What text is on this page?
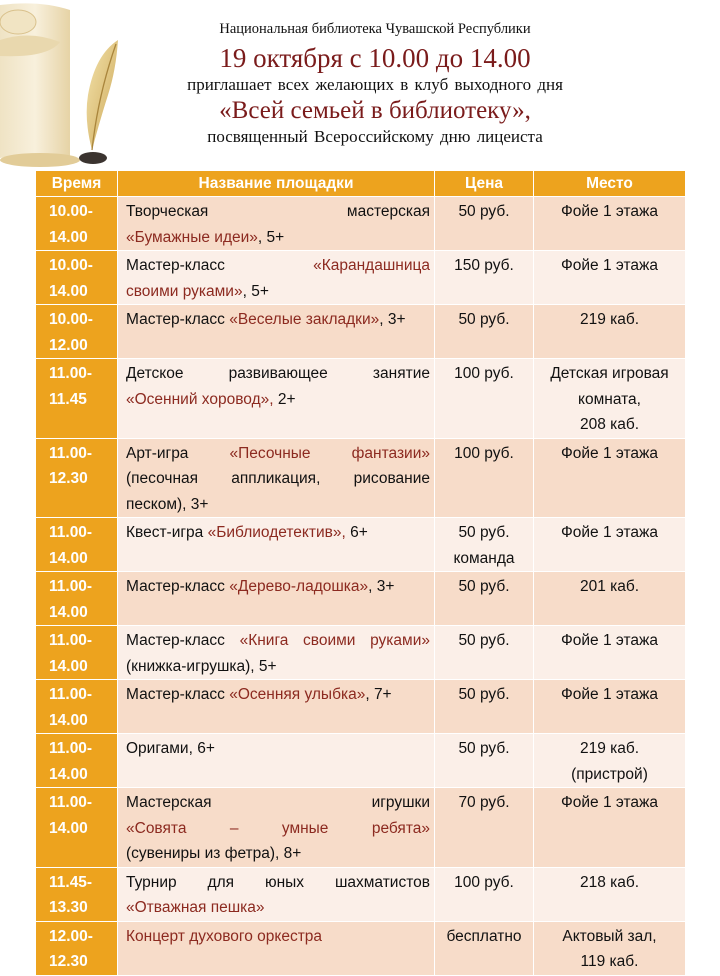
Национальная библиотека Чувашской Республики
19 октября с 10.00 до 14.00
приглашает всех желающих в клуб выходного дня
«Всей семьей в библиотеку»,
посвященный Всероссийскому дню лицеиста
Время	Название площадки	Цена	Место

10.00-
14.00	Творческая мастерская
«Бумажные идеи», 5+	50 руб.	Фойе 1 этажа

10.00-
14.00	Мастер-класс «Карандашница
своими руками», 5+	150 руб.	Фойе 1 этажа

10.00-
12.00	Мастер-класс «Веселые закладки», 3+	50 руб.	219 каб.

11.00-
11.45	Детское развивающее занятие
«Осенний хоровод», 2+	100 руб.	Детская игровая
комната,
208 каб.

11.00-
12.30	Арт-игра «Песочные фантазии»
(песочная аппликация, рисование
песком), 3+	100 руб.	Фойе 1 этажа

11.00-
14.00	Квест-игра «Библиодетектив», 6+	50 руб.
команда	Фойе 1 этажа

11.00-
14.00	Мастер-класс «Дерево-ладошка», 3+	50 руб.	201 каб.

11.00-
14.00	Мастер-класс «Книга своими руками»
(книжка-игрушка), 5+	50 руб.	Фойе 1 этажа

11.00-
14.00	Мастер-класс «Осенняя улыбка», 7+	50 руб.	Фойе 1 этажа

11.00-
14.00	Оригами, 6+	50 руб.	219 каб.
(пристрой)

11.00-
14.00	Мастерская игрушки
«Совята – умные ребята»
(сувениры из фетра), 8+	70 руб.	Фойе 1 этажа

11.45-
13.30	Турнир для юных шахматистов
«Отважная пешка»	100 руб.	218 каб.

12.00-
12.30	Концерт духового оркестра	бесплатно	Актовый зал,
119 каб.
